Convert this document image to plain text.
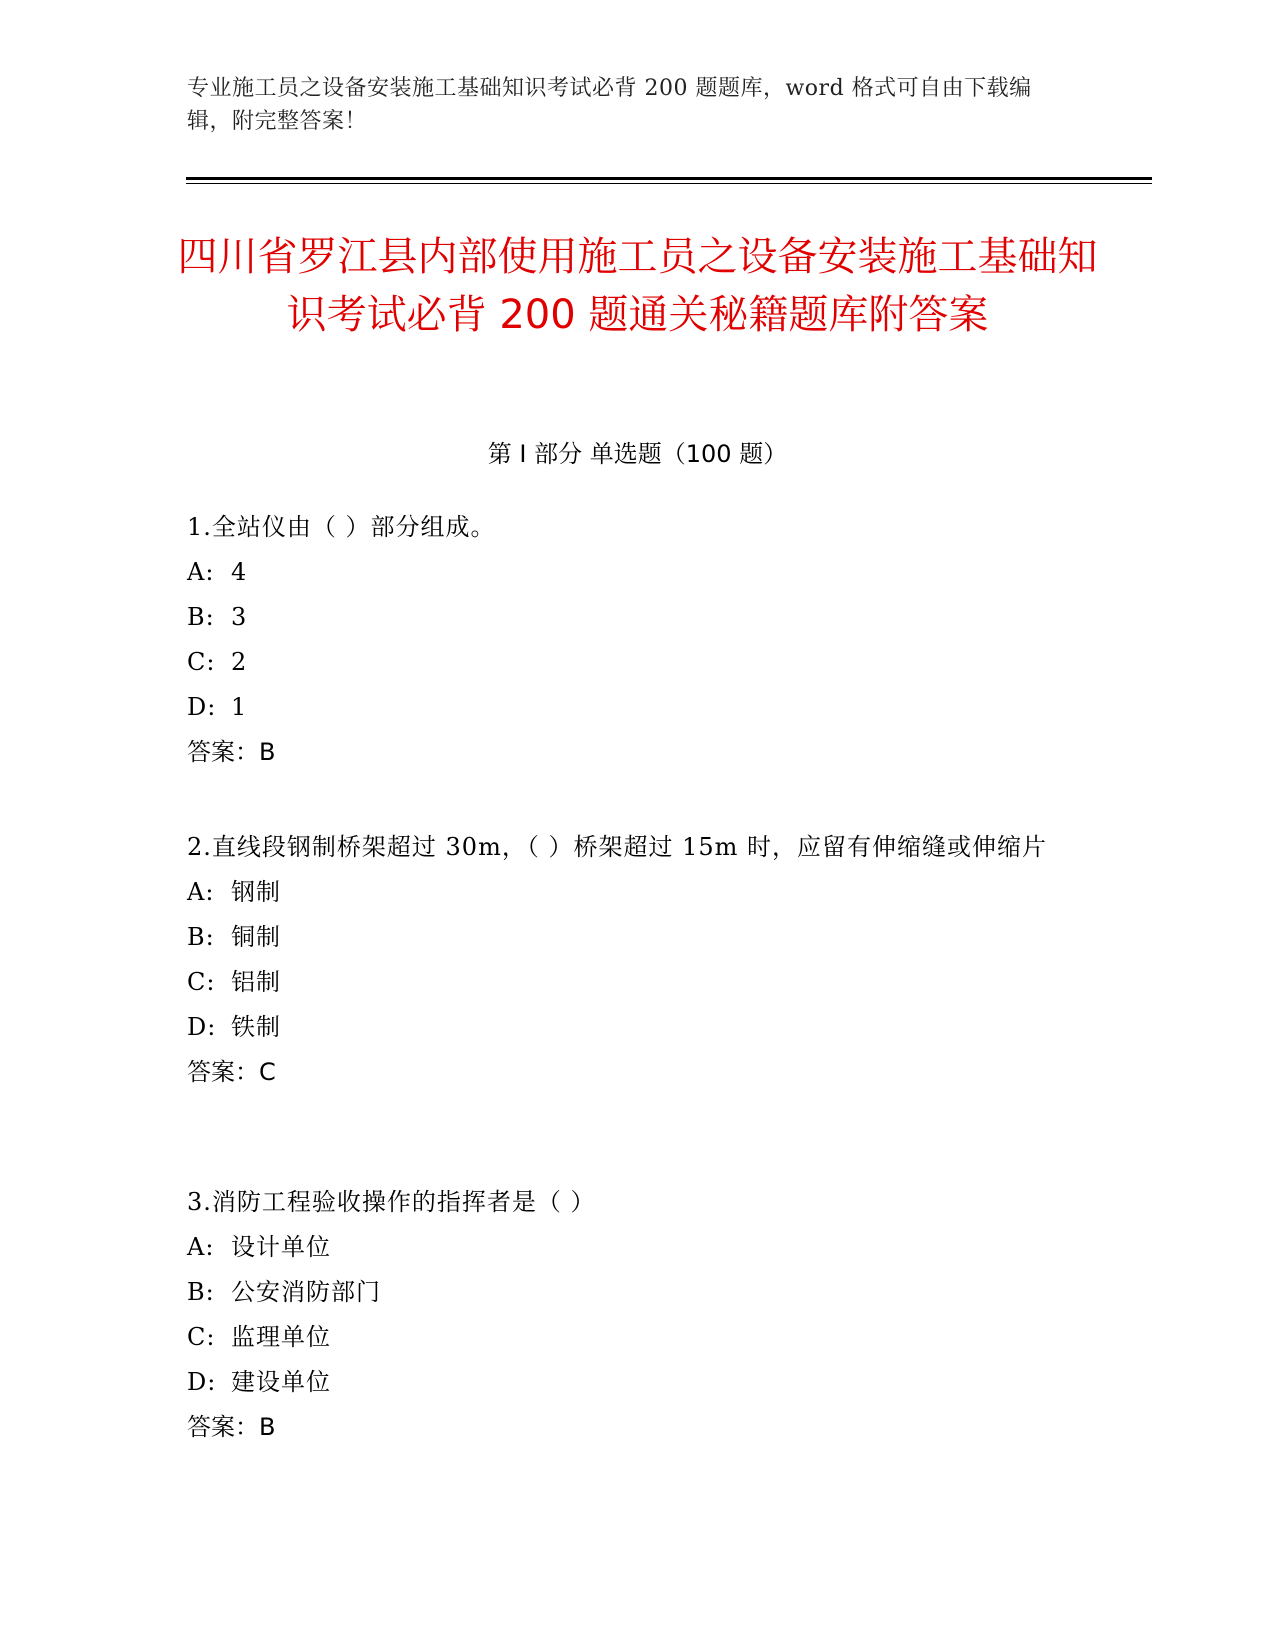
专业施工员之设备安装施工基础知识考试必背 200 题题库，word 格式可自由下载编辑，附完整答案！
四川省罗江县内部使用施工员之设备安装施工基础知识考试必背 200 题通关秘籍题库附答案
第 I 部分 单选题（100 题）

1.全站仪由（ ）部分组成。

A: 4

B: 3

C: 2

D: 1

答案：B

2.直线段钢制桥架超过 30m，（ ）桥架超过 15m 时，应留有伸缩缝或伸缩片

A: 钢制

B: 铜制

C: 铝制

D: 铁制

答案：C

3.消防工程验收操作的指挥者是（ ）

A: 设计单位

B: 公安消防部门

C: 监理单位

D: 建设单位

答案：B
